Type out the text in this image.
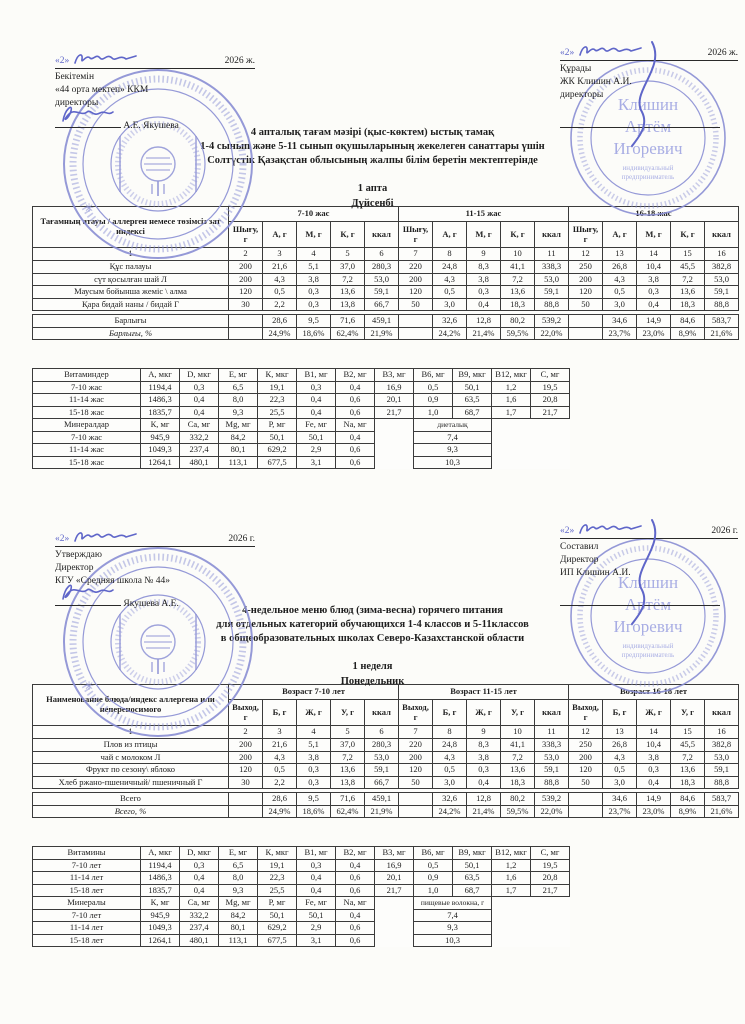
«2»	2026 ж.
Бекітемін
«44 орта мектеп» ККМ
директоры
А.Е. Якушева
✳
«2»	2026 ж.
Құрады
ЖК Клишин А.И.
директоры
Клишин
Артём
Игоревич
индивидуальный
предприниматель
4 апталық тағам мәзірі (қыс-көктем) ыстық тамақ
1-4 сынып және 5-11 сынып оқушыларының жекелеген санаттары үшін
Солтүстік Қазақстан облысының жалпы білім беретін мектептерінде
1 апта
Дүйсенбі
Тағамның атауы / аллерген немесе төзімсіз зат индексі	7-10 жас					11-15 жас					16-18 жас				
	Шығу, г	А, г	М, г	К, г	ккал	Шығу, г	А, г	М, г	К, г	ккал	Шығу, г	А, г	М, г	К, г	ккал
1	2	3	4	5	6	7	8	9	10	11	12	13	14	15	16
Құс палауы	200	21,6	5,1	37,0	280,3	220	24,8	8,3	41,1	338,3	250	26,8	10,4	45,5	382,8
сүт қосылған шай Л	200	4,3	3,8	7,2	53,0	200	4,3	3,8	7,2	53,0	200	4,3	3,8	7,2	53,0
Маусым бойынша жеміс \ алма	120	0,5	0,3	13,6	59,1	120	0,5	0,3	13,6	59,1	120	0,5	0,3	13,6	59,1
Қара бидай наны / бидай Г	30	2,2	0,3	13,8	66,7	50	3,0	0,4	18,3	88,8	50	3,0	0,4	18,3	88,8

Барлығы		28,6	9,5	71,6	459,1		32,6	12,8	80,2	539,2		34,6	14,9	84,6	583,7
Барлығы, %		24,9%	18,6%	62,4%	21,9%		24,2%	21,4%	59,5%	22,0%		23,7%	23,0%	8,9%	21,6%
Витаминдер	А, мкг	D, мкг	Е, мг	К, мкг	В1, мг	В2, мг	В3, мг	В6, мг	В9, мкг	В12, мкг	С, мг
7-10 жас	1194,4	0,3	6,5	19,1	0,3	0,4	16,9	0,5	50,1	1,2	19,5
11-14 жас	1486,3	0,4	8,0	22,3	0,4	0,6	20,1	0,9	63,5	1,6	20,8
15-18 жас	1835,7	0,4	9,3	25,5	0,4	0,6	21,7	1,0	68,7	1,7	21,7
Минералдар	К, мг	Са, мг	Mg, мг	Р, мг	Fe, мг	Na, мг		диеталық			
7-10 жас	945,9	332,2	84,2	50,1	50,1	0,4		7,4			
11-14 жас	1049,3	237,4	80,1	629,2	2,9	0,6		9,3			
15-18 жас	1264,1	480,1	113,1	677,5	3,1	0,6		10,3			
«2»	2026 г.
Утверждаю
Директор
КГУ «Средняя школа № 44»
Якушева А.Е.
✳
«2»	2026 г.
Составил
Директор
ИП Клишин А.И.
Клишин
Артём
Игоревич
индивидуальный
предприниматель
4-недельное меню блюд (зима-весна) горячего питания
для отдельных категорий обучающихся 1-4 классов и 5-11классов
в общеобразовательных школах Северо-Казахстанской области
1 неделя
Понедельник
Наименование блюда/индекс аллергена или непереносимого	Возраст 7-10 лет					Возраст 11-15 лет					Возраст 16-18 лет				
	Выход, г	Б, г	Ж, г	У, г	ккал	Выход, г	Б, г	Ж, г	У, г	ккал	Выход, г	Б, г	Ж, г	У, г	ккал
1	2	3	4	5	6	7	8	9	10	11	12	13	14	15	16
Плов из птицы	200	21,6	5,1	37,0	280,3	220	24,8	8,3	41,1	338,3	250	26,8	10,4	45,5	382,8
чай с молоком Л	200	4,3	3,8	7,2	53,0	200	4,3	3,8	7,2	53,0	200	4,3	3,8	7,2	53,0
Фрукт по сезону\ яблоко	120	0,5	0,3	13,6	59,1	120	0,5	0,3	13,6	59,1	120	0,5	0,3	13,6	59,1
Хлеб ржано-пшеничный/ пшеничный Г	30	2,2	0,3	13,8	66,7	50	3,0	0,4	18,3	88,8	50	3,0	0,4	18,3	88,8

Всего		28,6	9,5	71,6	459,1		32,6	12,8	80,2	539,2		34,6	14,9	84,6	583,7
Всего, %		24,9%	18,6%	62,4%	21,9%		24,2%	21,4%	59,5%	22,0%		23,7%	23,0%	8,9%	21,6%
Витамины	А, мкг	D, мкг	Е, мг	К, мкг	В1, мг	В2, мг	В3, мг	В6, мг	В9, мкг	В12, мкг	С, мг
7-10 лет	1194,4	0,3	6,5	19,1	0,3	0,4	16,9	0,5	50,1	1,2	19,5
11-14 лет	1486,3	0,4	8,0	22,3	0,4	0,6	20,1	0,9	63,5	1,6	20,8
15-18 лет	1835,7	0,4	9,3	25,5	0,4	0,6	21,7	1,0	68,7	1,7	21,7
Минералы	К, мг	Са, мг	Mg, мг	Р, мг	Fe, мг	Na, мг		пищевые волокна, г			
7-10 лет	945,9	332,2	84,2	50,1	50,1	0,4		7,4			
11-14 лет	1049,3	237,4	80,1	629,2	2,9	0,6		9,3			
15-18 лет	1264,1	480,1	113,1	677,5	3,1	0,6		10,3			
